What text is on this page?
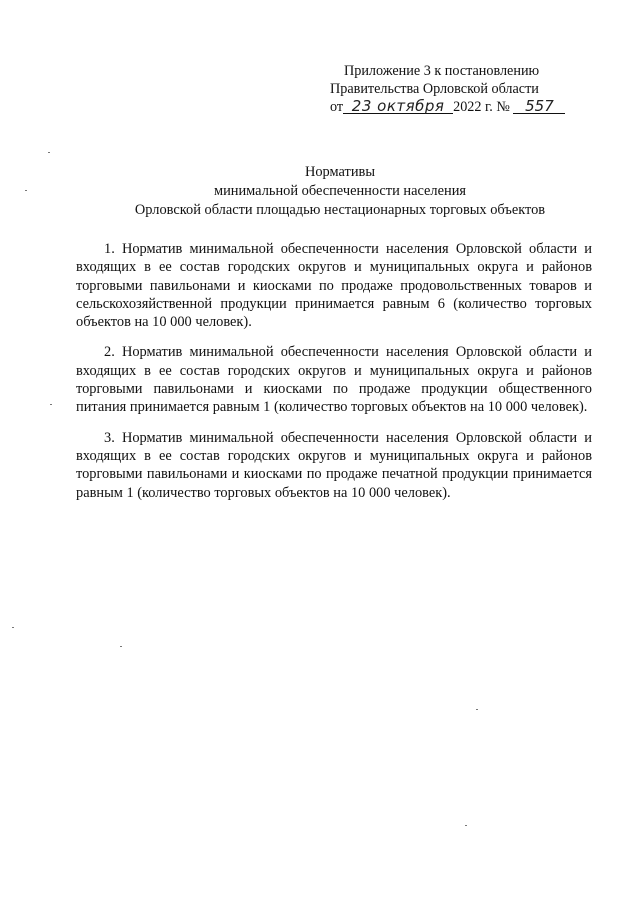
Приложение 3 к постановлению
Правительства Орловской области
от 23 октября 2022 г. № 557
Нормативы
минимальной обеспеченности населения
Орловской области площадью нестационарных торговых объектов

1. Норматив минимальной обеспеченности населения Орловской области и входящих в ее состав городских округов и муниципальных округа и районов торговыми павильонами и киосками по продаже продовольственных товаров и сельскохозяйственной продукции принимается равным 6 (количество торговых объектов на 10 000 человек).

2. Норматив минимальной обеспеченности населения Орловской области и входящих в ее состав городских округов и муниципальных округа и районов торговыми павильонами и киосками по продаже продукции общественного питания принимается равным 1 (количество торговых объектов на 10 000 человек).

3. Норматив минимальной обеспеченности населения Орловской области и входящих в ее состав городских округов и муниципальных округа и районов торговыми павильонами и киосками по продаже печатной продукции принимается равным 1 (количество торговых объектов на 10 000 человек).
